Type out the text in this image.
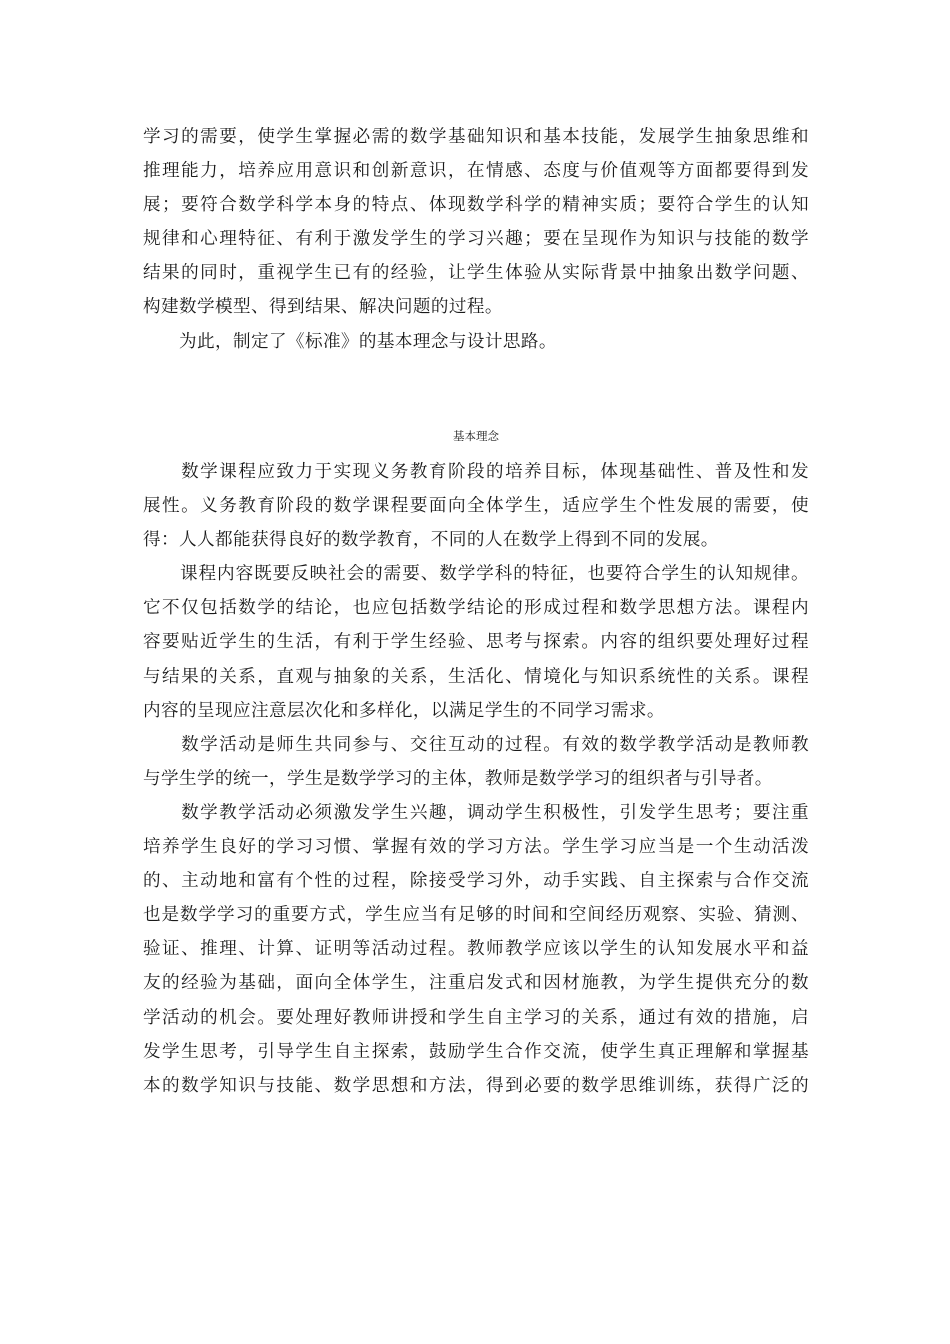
学习的需要，使学生掌握必需的数学基础知识和基本技能，发展学生抽象思维和
推理能力，培养应用意识和创新意识，在情感、态度与价值观等方面都要得到发
展；要符合数学科学本身的特点、体现数学科学的精神实质；要符合学生的认知
规律和心理特征、有利于激发学生的学习兴趣；要在呈现作为知识与技能的数学
结果的同时，重视学生已有的经验，让学生体验从实际背景中抽象出数学问题、
构建数学模型、得到结果、解决问题的过程。
　　为此，制定了《标准》的基本理念与设计思路。
基本理念
　　数学课程应致力于实现义务教育阶段的培养目标，体现基础性、普及性和发
展性。义务教育阶段的数学课程要面向全体学生，适应学生个性发展的需要，使
得：人人都能获得良好的数学教育，不同的人在数学上得到不同的发展。
　　课程内容既要反映社会的需要、数学学科的特征，也要符合学生的认知规律。
它不仅包括数学的结论，也应包括数学结论的形成过程和数学思想方法。课程内
容要贴近学生的生活，有利于学生经验、思考与探索。内容的组织要处理好过程
与结果的关系，直观与抽象的关系，生活化、情境化与知识系统性的关系。课程
内容的呈现应注意层次化和多样化，以满足学生的不同学习需求。
　　数学活动是师生共同参与、交往互动的过程。有效的数学教学活动是教师教
与学生学的统一，学生是数学学习的主体，教师是数学学习的组织者与引导者。
　　数学教学活动必须激发学生兴趣，调动学生积极性，引发学生思考；要注重
培养学生良好的学习习惯、掌握有效的学习方法。学生学习应当是一个生动活泼
的、主动地和富有个性的过程，除接受学习外，动手实践、自主探索与合作交流
也是数学学习的重要方式，学生应当有足够的时间和空间经历观察、实验、猜测、
验证、推理、计算、证明等活动过程。教师教学应该以学生的认知发展水平和益
友的经验为基础，面向全体学生，注重启发式和因材施教，为学生提供充分的数
学活动的机会。要处理好教师讲授和学生自主学习的关系，通过有效的措施，启
发学生思考，引导学生自主探索，鼓励学生合作交流，使学生真正理解和掌握基
本的数学知识与技能、数学思想和方法，得到必要的数学思维训练，获得广泛的
